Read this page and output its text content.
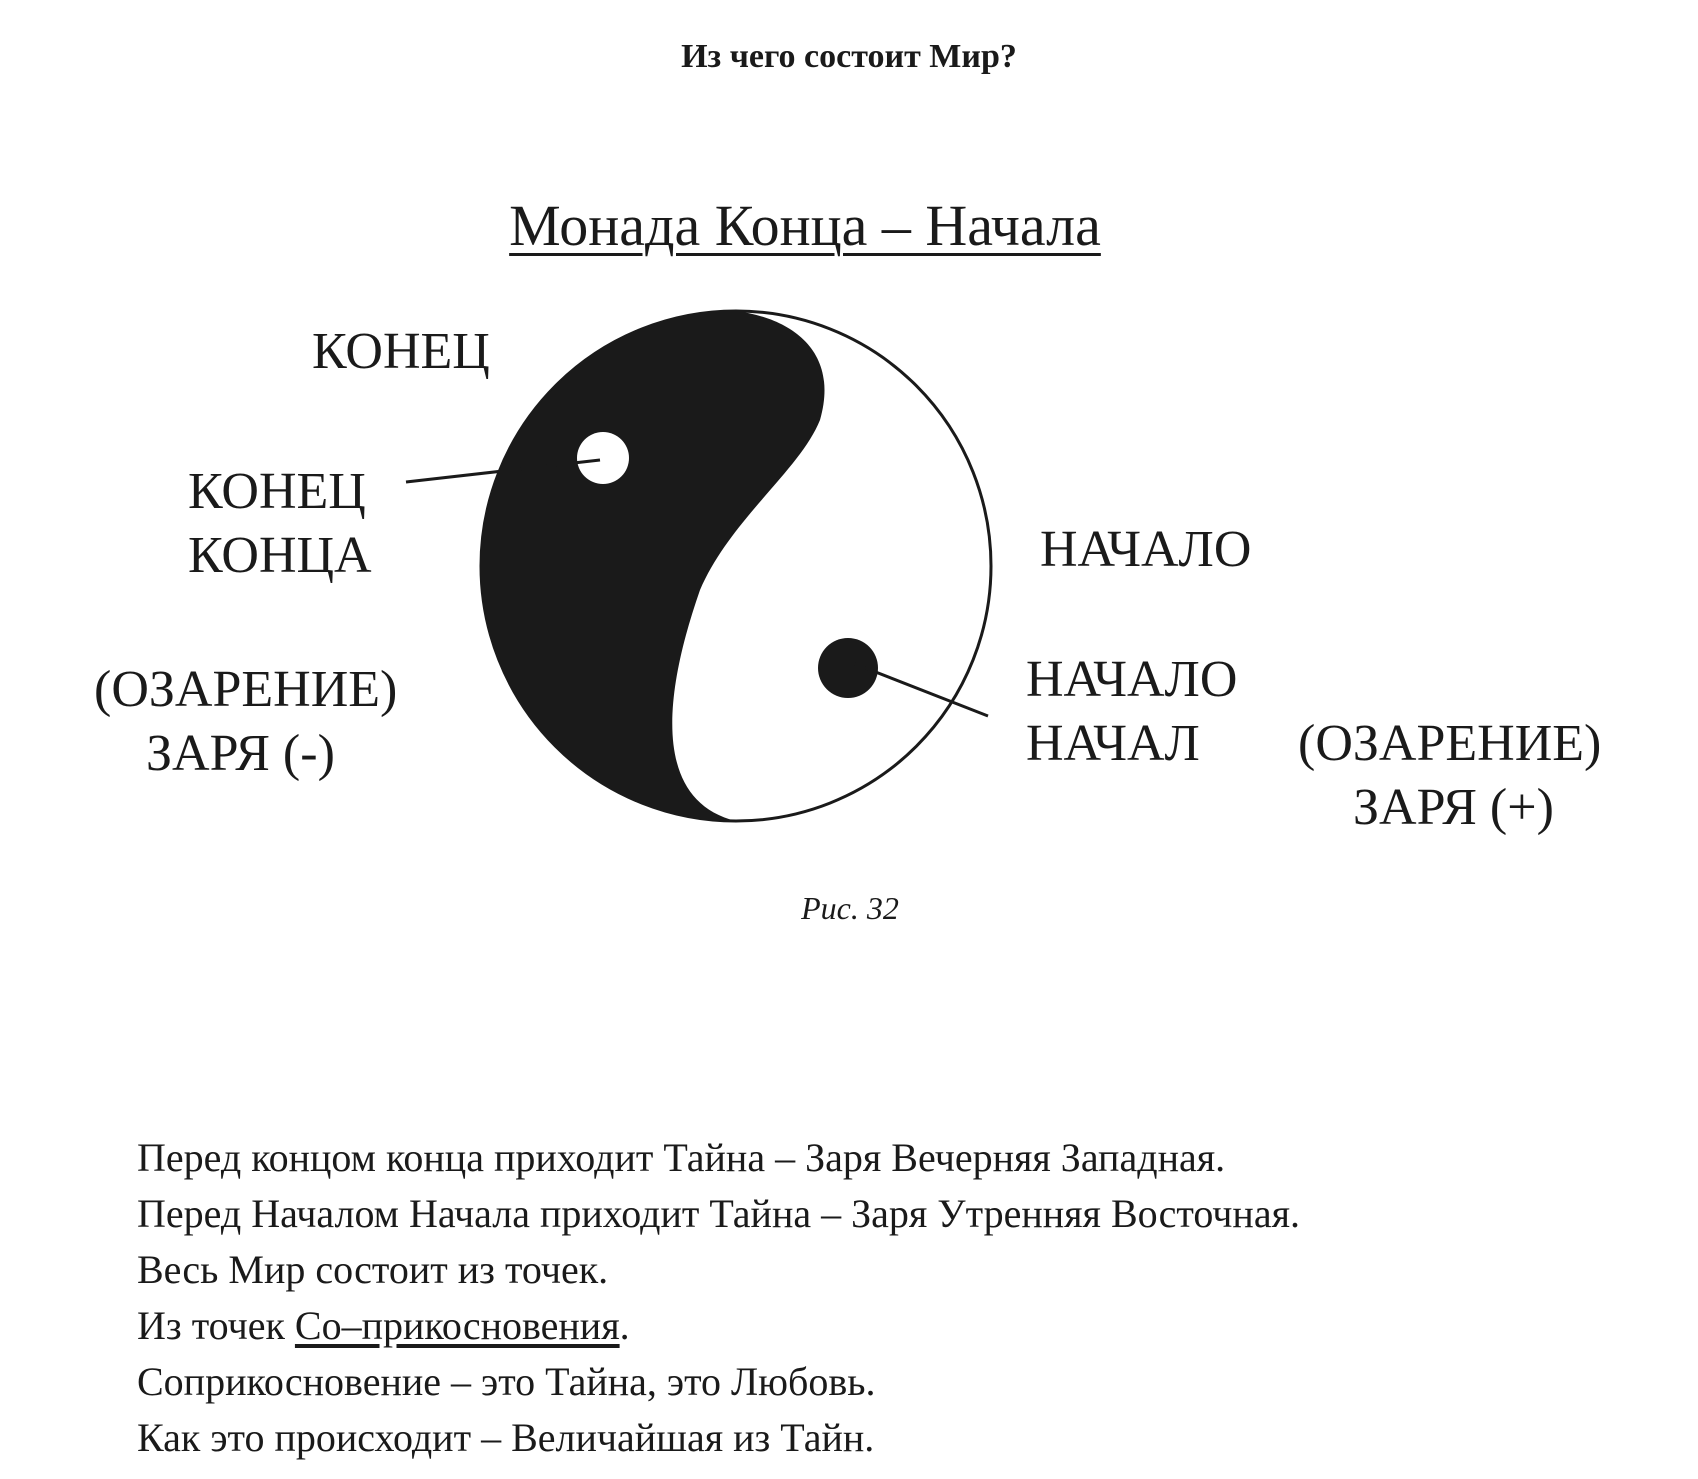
Из чего состоит Мир?
Монада Конца – Начала
КОНЕЦ
КОНЕЦ
КОНЦА
(ОЗАРЕНИЕ)
ЗАРЯ (-)
НАЧАЛО
НАЧАЛО
НАЧАЛ	(ОЗАРЕНИЕ)
ЗАРЯ (+)
Рис. 32
Перед концом конца приходит Тайна – Заря Вечерняя Западная.
Перед Началом Начала приходит Тайна – Заря Утренняя Восточная.
Весь Мир состоит из точек.
Из точек Со–прикосновения.
Соприкосновение – это Тайна, это Любовь.
Как это происходит – Величайшая из Тайн.
